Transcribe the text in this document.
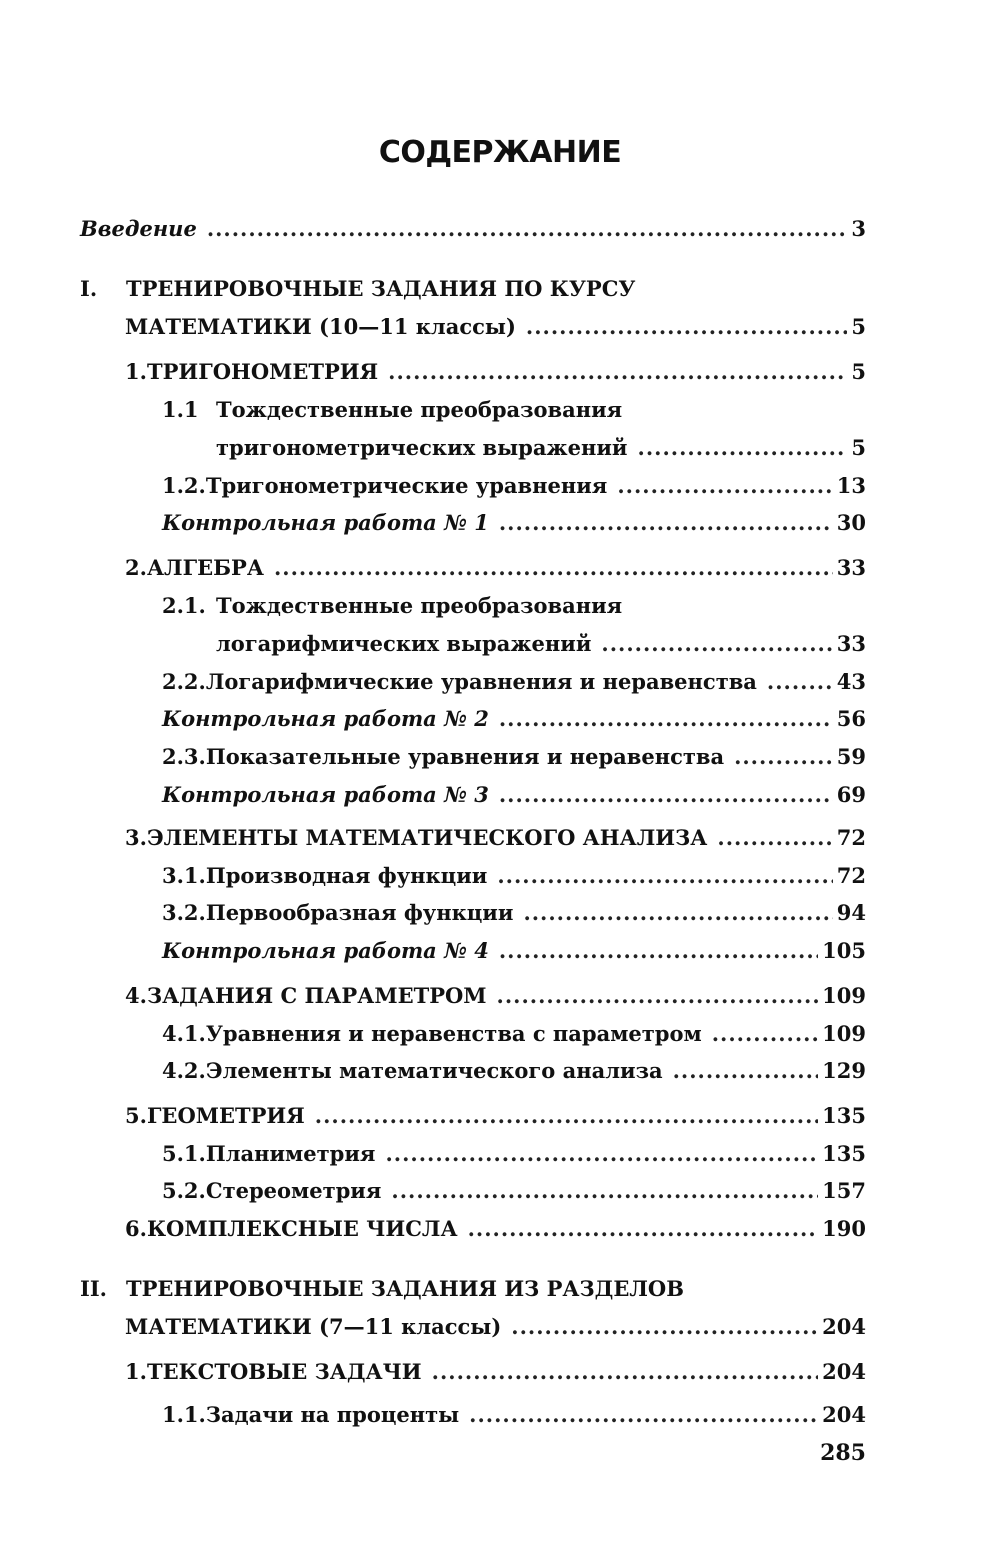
СОДЕРЖАНИЕ
Введение .....	3
I.	ТРЕНИРОВОЧНЫЕ ЗАДАНИЯ ПО КУРСУ
МАТЕМАТИКИ (10—11 классы) .....	5
1. ТРИГОНОМЕТРИЯ .....	5
1.1 Тождественные преобразования
тригонометрических выражений .....	5
1.2. Тригонометрические уравнения .....	13
Контрольная работа № 1 .....	30
2. АЛГЕБРА .....	33
2.1. Тождественные преобразования
логарифмических выражений .....	33
2.2. Логарифмические уравнения и неравенства .....	43
Контрольная работа № 2 .....	56
2.3. Показательные уравнения и неравенства .....	59
Контрольная работа № 3 .....	69
3. ЭЛЕМЕНТЫ МАТЕМАТИЧЕСКОГО АНАЛИЗА .....	72
3.1. Производная функции .....	72
3.2. Первообразная функции .....	94
Контрольная работа № 4 .....	105
4. ЗАДАНИЯ С ПАРАМЕТРОМ .....	109
4.1. Уравнения и неравенства с параметром .....	109
4.2. Элементы математического анализа .....	129
5. ГЕОМЕТРИЯ .....	135
5.1. Планиметрия .....	135
5.2. Стереометрия .....	157
6. КОМПЛЕКСНЫЕ ЧИСЛА .....	190
II. ТРЕНИРОВОЧНЫЕ ЗАДАНИЯ ИЗ РАЗДЕЛОВ
МАТЕМАТИКИ (7—11 классы) .....	204
1. ТЕКСТОВЫЕ ЗАДАЧИ .....	204
1.1. Задачи на проценты .....	204
285
